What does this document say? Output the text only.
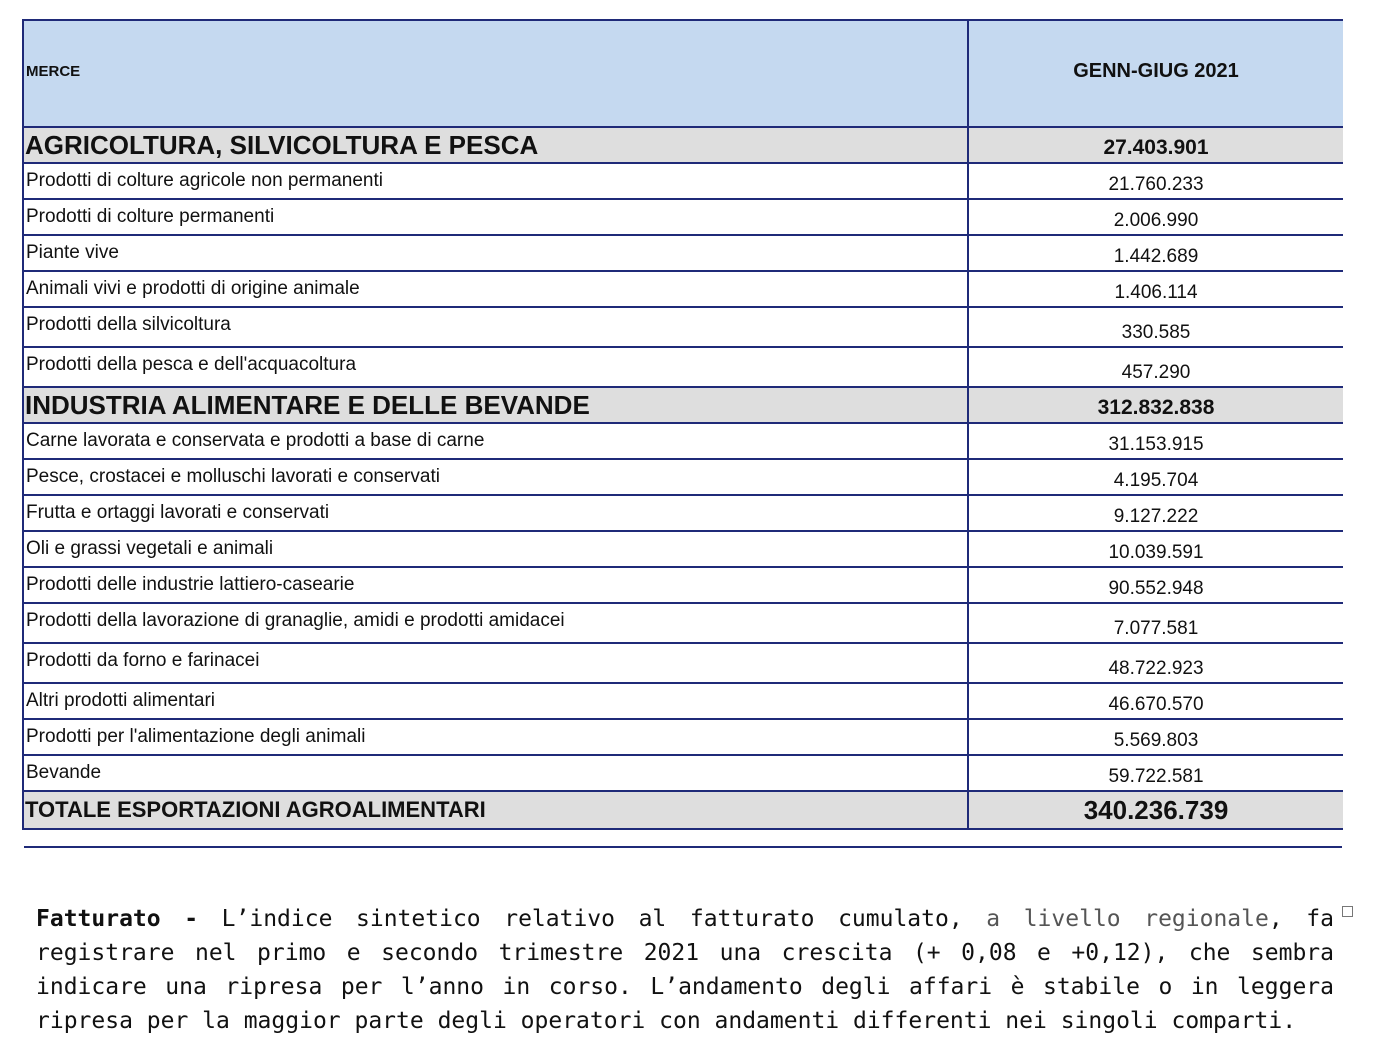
MERCE	GENN-GIUG 2021
AGRICOLTURA, SILVICOLTURA E PESCA	27.403.901
Prodotti di colture agricole non permanenti	21.760.233
Prodotti di colture permanenti	2.006.990
Piante vive	1.442.689
Animali vivi e prodotti di origine animale	1.406.114
Prodotti della silvicoltura	330.585
Prodotti della pesca e dell'acquacoltura	457.290
INDUSTRIA ALIMENTARE E DELLE BEVANDE	312.832.838
Carne lavorata e conservata e prodotti a base di carne	31.153.915
Pesce, crostacei e molluschi lavorati e conservati	4.195.704
Frutta e ortaggi lavorati e conservati	9.127.222
Oli e grassi vegetali e animali	10.039.591
Prodotti delle industrie lattiero-casearie	90.552.948
Prodotti della lavorazione di granaglie, amidi e prodotti amidacei	7.077.581
Prodotti da forno e farinacei	48.722.923
Altri prodotti alimentari	46.670.570
Prodotti per l'alimentazione degli animali	5.569.803
Bevande	59.722.581
TOTALE ESPORTAZIONI AGROALIMENTARI	340.236.739

Fatturato - L’indice sintetico relativo al fatturato cumulato, a livello regionale, fa registrare nel primo e secondo trimestre 2021 una crescita (+ 0,08 e +0,12), che sembra indicare una ripresa per l’anno in corso. L’andamento degli affari è stabile o in leggera ripresa per la maggior parte degli operatori con andamenti differenti nei singoli comparti.
